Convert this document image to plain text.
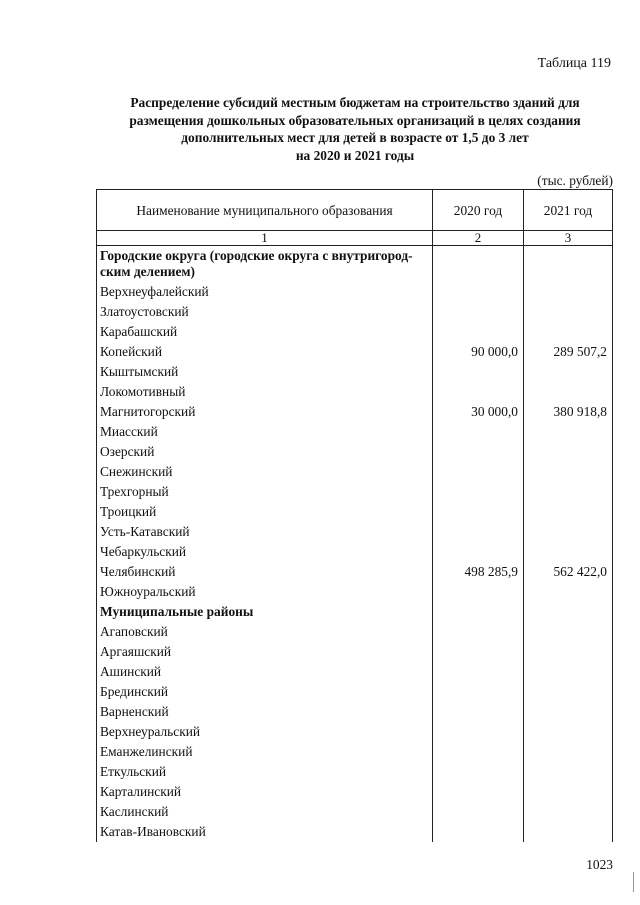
Таблица 119
Распределение субсидий местным бюджетам на строительство зданий для
размещения дошкольных образовательных организаций в целях создания
дополнительных мест для детей в возрасте от 1,5 до 3 лет
на 2020 и 2021 годы
(тыс. рублей)
Наименование муниципального образования	2020 год	2021 год
1	2	3
Городские округа (городские округа с внутригород-ским делением)		
Верхнеуфалейский		
Златоустовский		
Карабашский		
Копейский	90 000,0	289 507,2
Кыштымский		
Локомотивный		
Магнитогорский	30 000,0	380 918,8
Миасский		
Озерский		
Снежинский		
Трехгорный		
Троицкий		
Усть-Катавский		
Чебаркульский		
Челябинский	498 285,9	562 422,0
Южноуральский		
Муниципальные районы		
Агаповский		
Аргаяшский		
Ашинский		
Брединский		
Варненский		
Верхнеуральский		
Еманжелинский		
Еткульский		
Карталинский		
Каслинский		
Катав-Ивановский		
1023
